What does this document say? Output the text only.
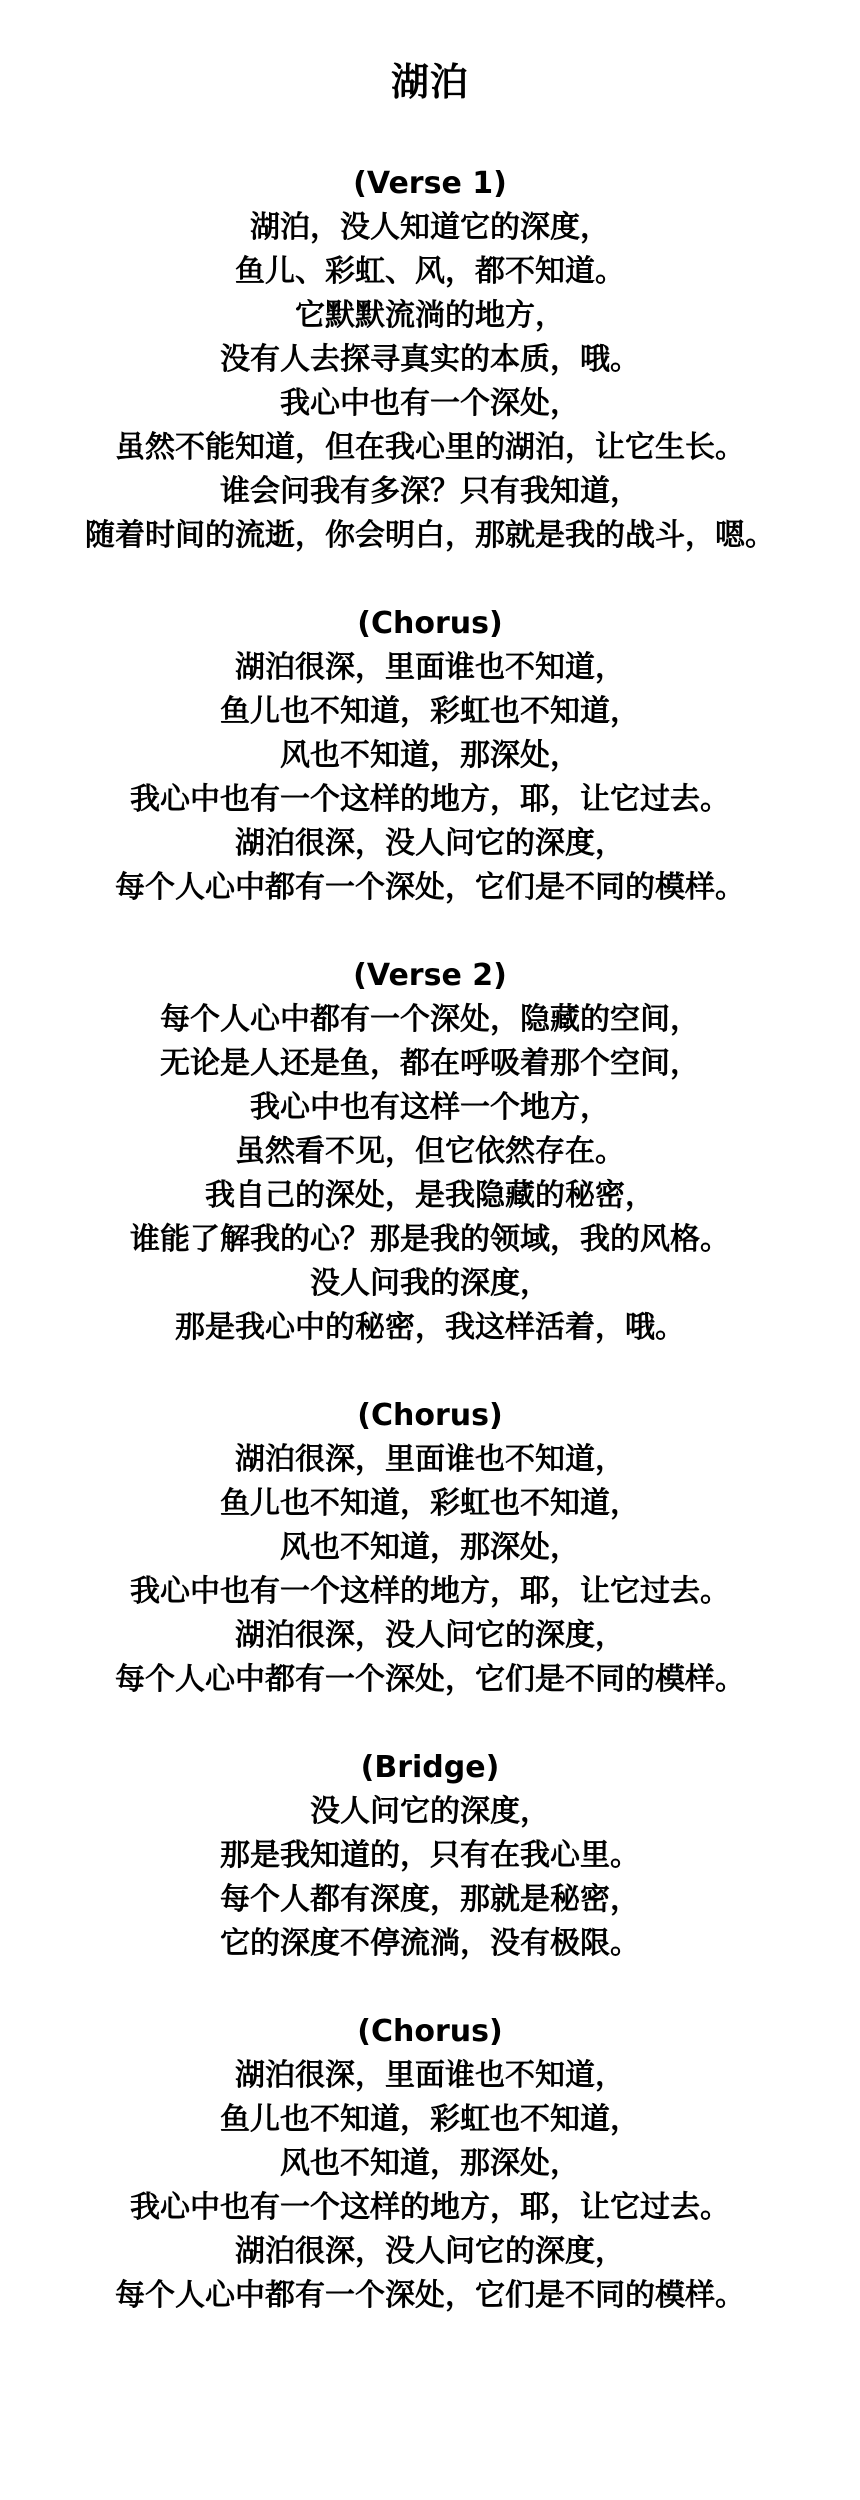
湖泊
(Verse 1)
湖泊，没人知道它的深度，
鱼儿、彩虹、风，都不知道。
它默默流淌的地方，
没有人去探寻真实的本质，哦。
我心中也有一个深处，
虽然不能知道，但在我心里的湖泊，让它生长。
谁会问我有多深？只有我知道，
随着时间的流逝，你会明白，那就是我的战斗，嗯。
(Chorus)
湖泊很深，里面谁也不知道，
鱼儿也不知道，彩虹也不知道，
风也不知道，那深处，
我心中也有一个这样的地方，耶，让它过去。
湖泊很深，没人问它的深度，
每个人心中都有一个深处，它们是不同的模样。
(Verse 2)
每个人心中都有一个深处，隐藏的空间，
无论是人还是鱼，都在呼吸着那个空间，
我心中也有这样一个地方，
虽然看不见，但它依然存在。
我自己的深处，是我隐藏的秘密，
谁能了解我的心？那是我的领域，我的风格。
没人问我的深度，
那是我心中的秘密，我这样活着，哦。
(Chorus)
湖泊很深，里面谁也不知道，
鱼儿也不知道，彩虹也不知道，
风也不知道，那深处，
我心中也有一个这样的地方，耶，让它过去。
湖泊很深，没人问它的深度，
每个人心中都有一个深处，它们是不同的模样。
(Bridge)
没人问它的深度，
那是我知道的，只有在我心里。
每个人都有深度，那就是秘密，
它的深度不停流淌，没有极限。
(Chorus)
湖泊很深，里面谁也不知道，
鱼儿也不知道，彩虹也不知道，
风也不知道，那深处，
我心中也有一个这样的地方，耶，让它过去。
湖泊很深，没人问它的深度，
每个人心中都有一个深处，它们是不同的模样。
